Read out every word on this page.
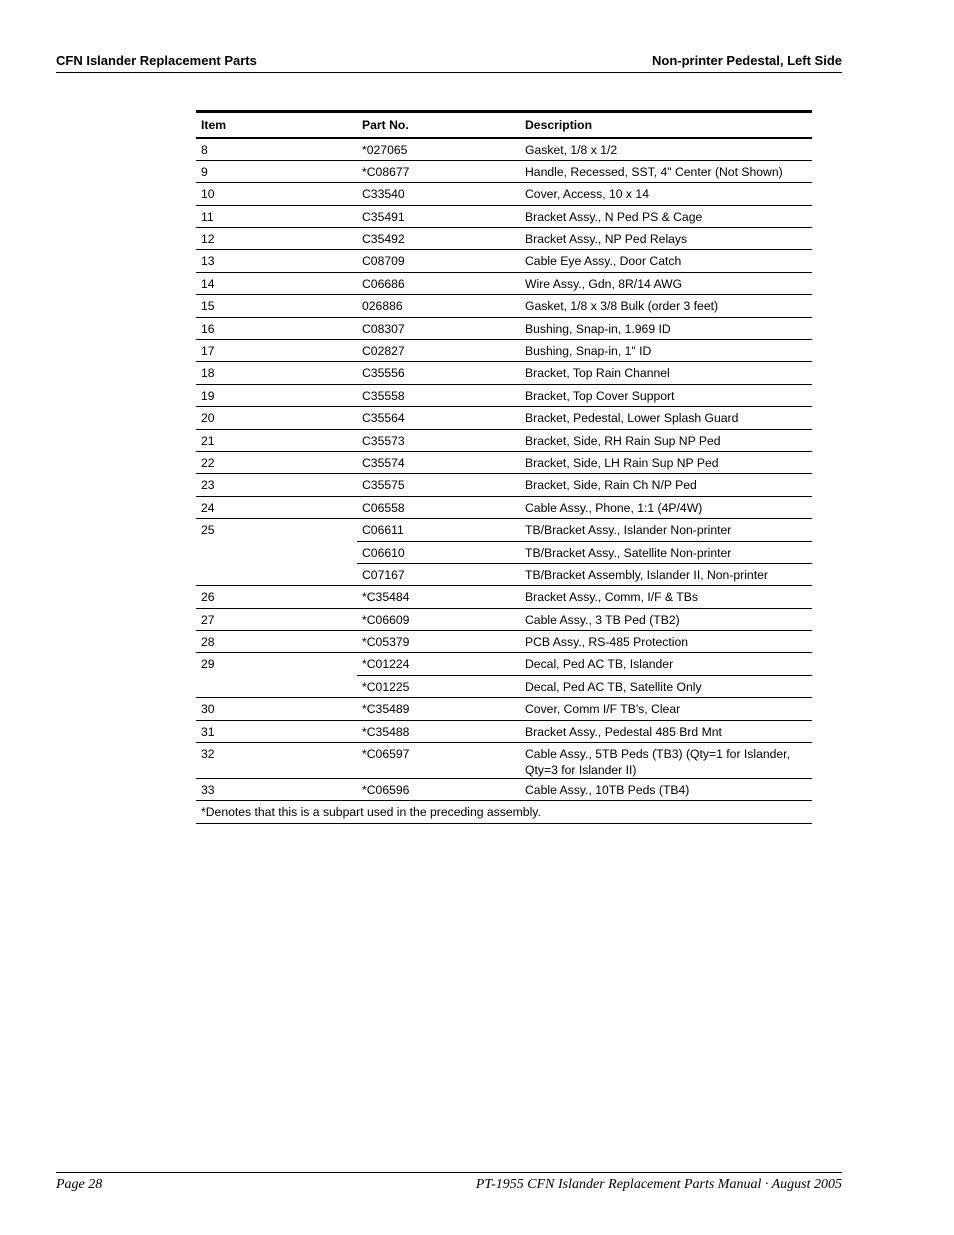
CFN Islander Replacement Parts	Non-printer Pedestal, Left Side
Item	Part No.	Description
8	*027065	Gasket, 1/8 x 1/2
9	*C08677	Handle, Recessed, SST, 4" Center (Not Shown)
10	C33540	Cover, Access, 10 x 14
11	C35491	Bracket Assy., N Ped PS & Cage
12	C35492	Bracket Assy., NP Ped Relays
13	C08709	Cable Eye Assy., Door Catch
14	C06686	Wire Assy., Gdn, 8R/14 AWG
15	026886	Gasket, 1/8 x 3/8 Bulk (order 3 feet)
16	C08307	Bushing, Snap-in, 1.969 ID
17	C02827	Bushing, Snap-in, 1" ID
18	C35556	Bracket, Top Rain Channel
19	C35558	Bracket, Top Cover Support
20	C35564	Bracket, Pedestal, Lower Splash Guard
21	C35573	Bracket, Side, RH Rain Sup NP Ped
22	C35574	Bracket, Side, LH Rain Sup NP Ped
23	C35575	Bracket, Side, Rain Ch N/P Ped
24	C06558	Cable Assy., Phone, 1:1 (4P/4W)
25	C06611	TB/Bracket Assy., Islander Non-printer
	C06610	TB/Bracket Assy., Satellite Non-printer
	C07167	TB/Bracket Assembly, Islander II, Non-printer
26	*C35484	Bracket Assy., Comm, I/F & TBs
27	*C06609	Cable Assy., 3 TB Ped (TB2)
28	*C05379	PCB Assy., RS-485 Protection
29	*C01224	Decal, Ped AC TB, Islander
	*C01225	Decal, Ped AC TB, Satellite Only
30	*C35489	Cover, Comm I/F TB's, Clear
31	*C35488	Bracket Assy., Pedestal 485 Brd Mnt
32	*C06597	Cable Assy., 5TB Peds (TB3) (Qty=1 for Islander, Qty=3 for Islander II)
33	*C06596	Cable Assy., 10TB Peds (TB4)
*Denotes that this is a subpart used in the preceding assembly.		
Page 28	PT-1955 CFN Islander Replacement Parts Manual · August 2005
